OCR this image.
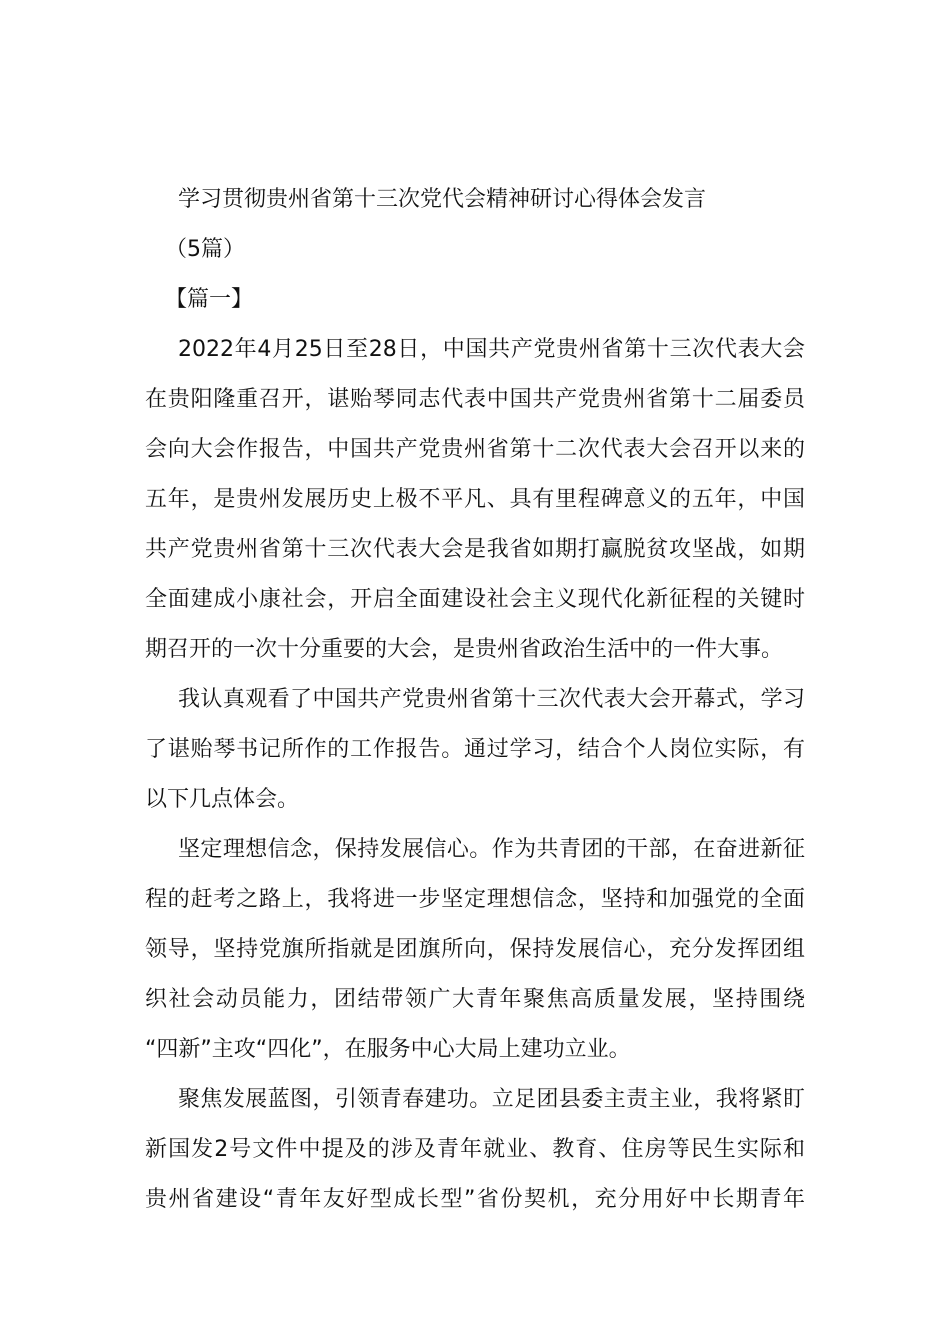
学习贯彻贵州省第十三次党代会精神研讨心得体会发言
（5篇）
【篇一】
2022年4月25日至28日，中国共产党贵州省第十三次代表大会
在贵阳隆重召开，谌贻琴同志代表中国共产党贵州省第十二届委员
会向大会作报告，中国共产党贵州省第十二次代表大会召开以来的
五年，是贵州发展历史上极不平凡、具有里程碑意义的五年，中国
共产党贵州省第十三次代表大会是我省如期打赢脱贫攻坚战，如期
全面建成小康社会，开启全面建设社会主义现代化新征程的关键时
期召开的一次十分重要的大会，是贵州省政治生活中的一件大事。
我认真观看了中国共产党贵州省第十三次代表大会开幕式，学习
了谌贻琴书记所作的工作报告。通过学习，结合个人岗位实际，有
以下几点体会。
坚定理想信念，保持发展信心。作为共青团的干部，在奋进新征
程的赶考之路上，我将进一步坚定理想信念，坚持和加强党的全面
领导，坚持党旗所指就是团旗所向，保持发展信心，充分发挥团组
织社会动员能力，团结带领广大青年聚焦高质量发展，坚持围绕
“四新”主攻“四化”，在服务中心大局上建功立业。
聚焦发展蓝图，引领青春建功。立足团县委主责主业，我将紧盯
新国发2号文件中提及的涉及青年就业、教育、住房等民生实际和
贵州省建设“青年友好型成长型”省份契机，充分用好中长期青年
